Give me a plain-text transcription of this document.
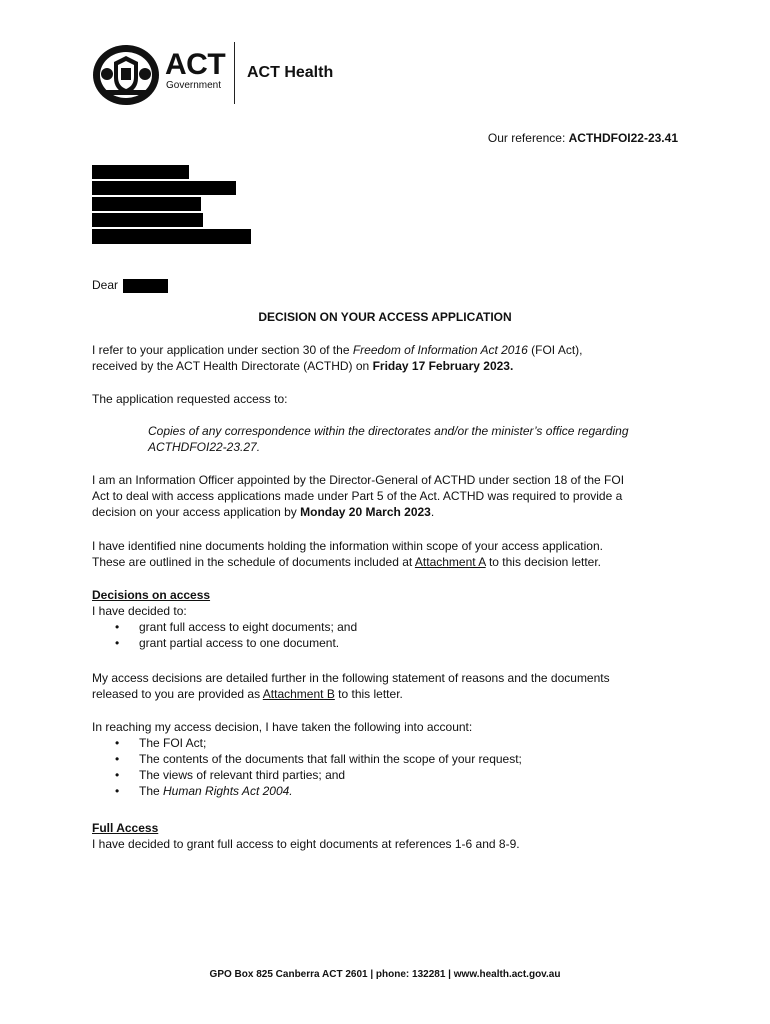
ACT
Government
ACT Health
Our reference: ACTHDFOI22-23.41
Dear
DECISION ON YOUR ACCESS APPLICATION

I refer to your application under section 30 of the Freedom of Information Act 2016 (FOI Act),

received by the ACT Health Directorate (ACTHD) on Friday 17 February 2023.

The application requested access to:

Copies of any correspondence within the directorates and/or the minister’s office regarding

ACTHDFOI22-23.27.

I am an Information Officer appointed by the Director-General of ACTHD under section 18 of the FOI

Act to deal with access applications made under Part 5 of the Act. ACTHD was required to provide a

decision on your access application by Monday 20 March 2023.

I have identified nine documents holding the information within scope of your access application.

These are outlined in the schedule of documents included at Attachment A to this decision letter.

Decisions on access

I have decided to:

• grant full access to eight documents; and
• grant partial access to one document.

My access decisions are detailed further in the following statement of reasons and the documents

released to you are provided as Attachment B to this letter.

In reaching my access decision, I have taken the following into account:

• The FOI Act;
• The contents of the documents that fall within the scope of your request;
• The views of relevant third parties; and
• The Human Rights Act 2004.

Full Access

I have decided to grant full access to eight documents at references 1-6 and 8-9.

GPO Box 825 Canberra ACT 2601 | phone: 132281 | www.health.act.gov.au
